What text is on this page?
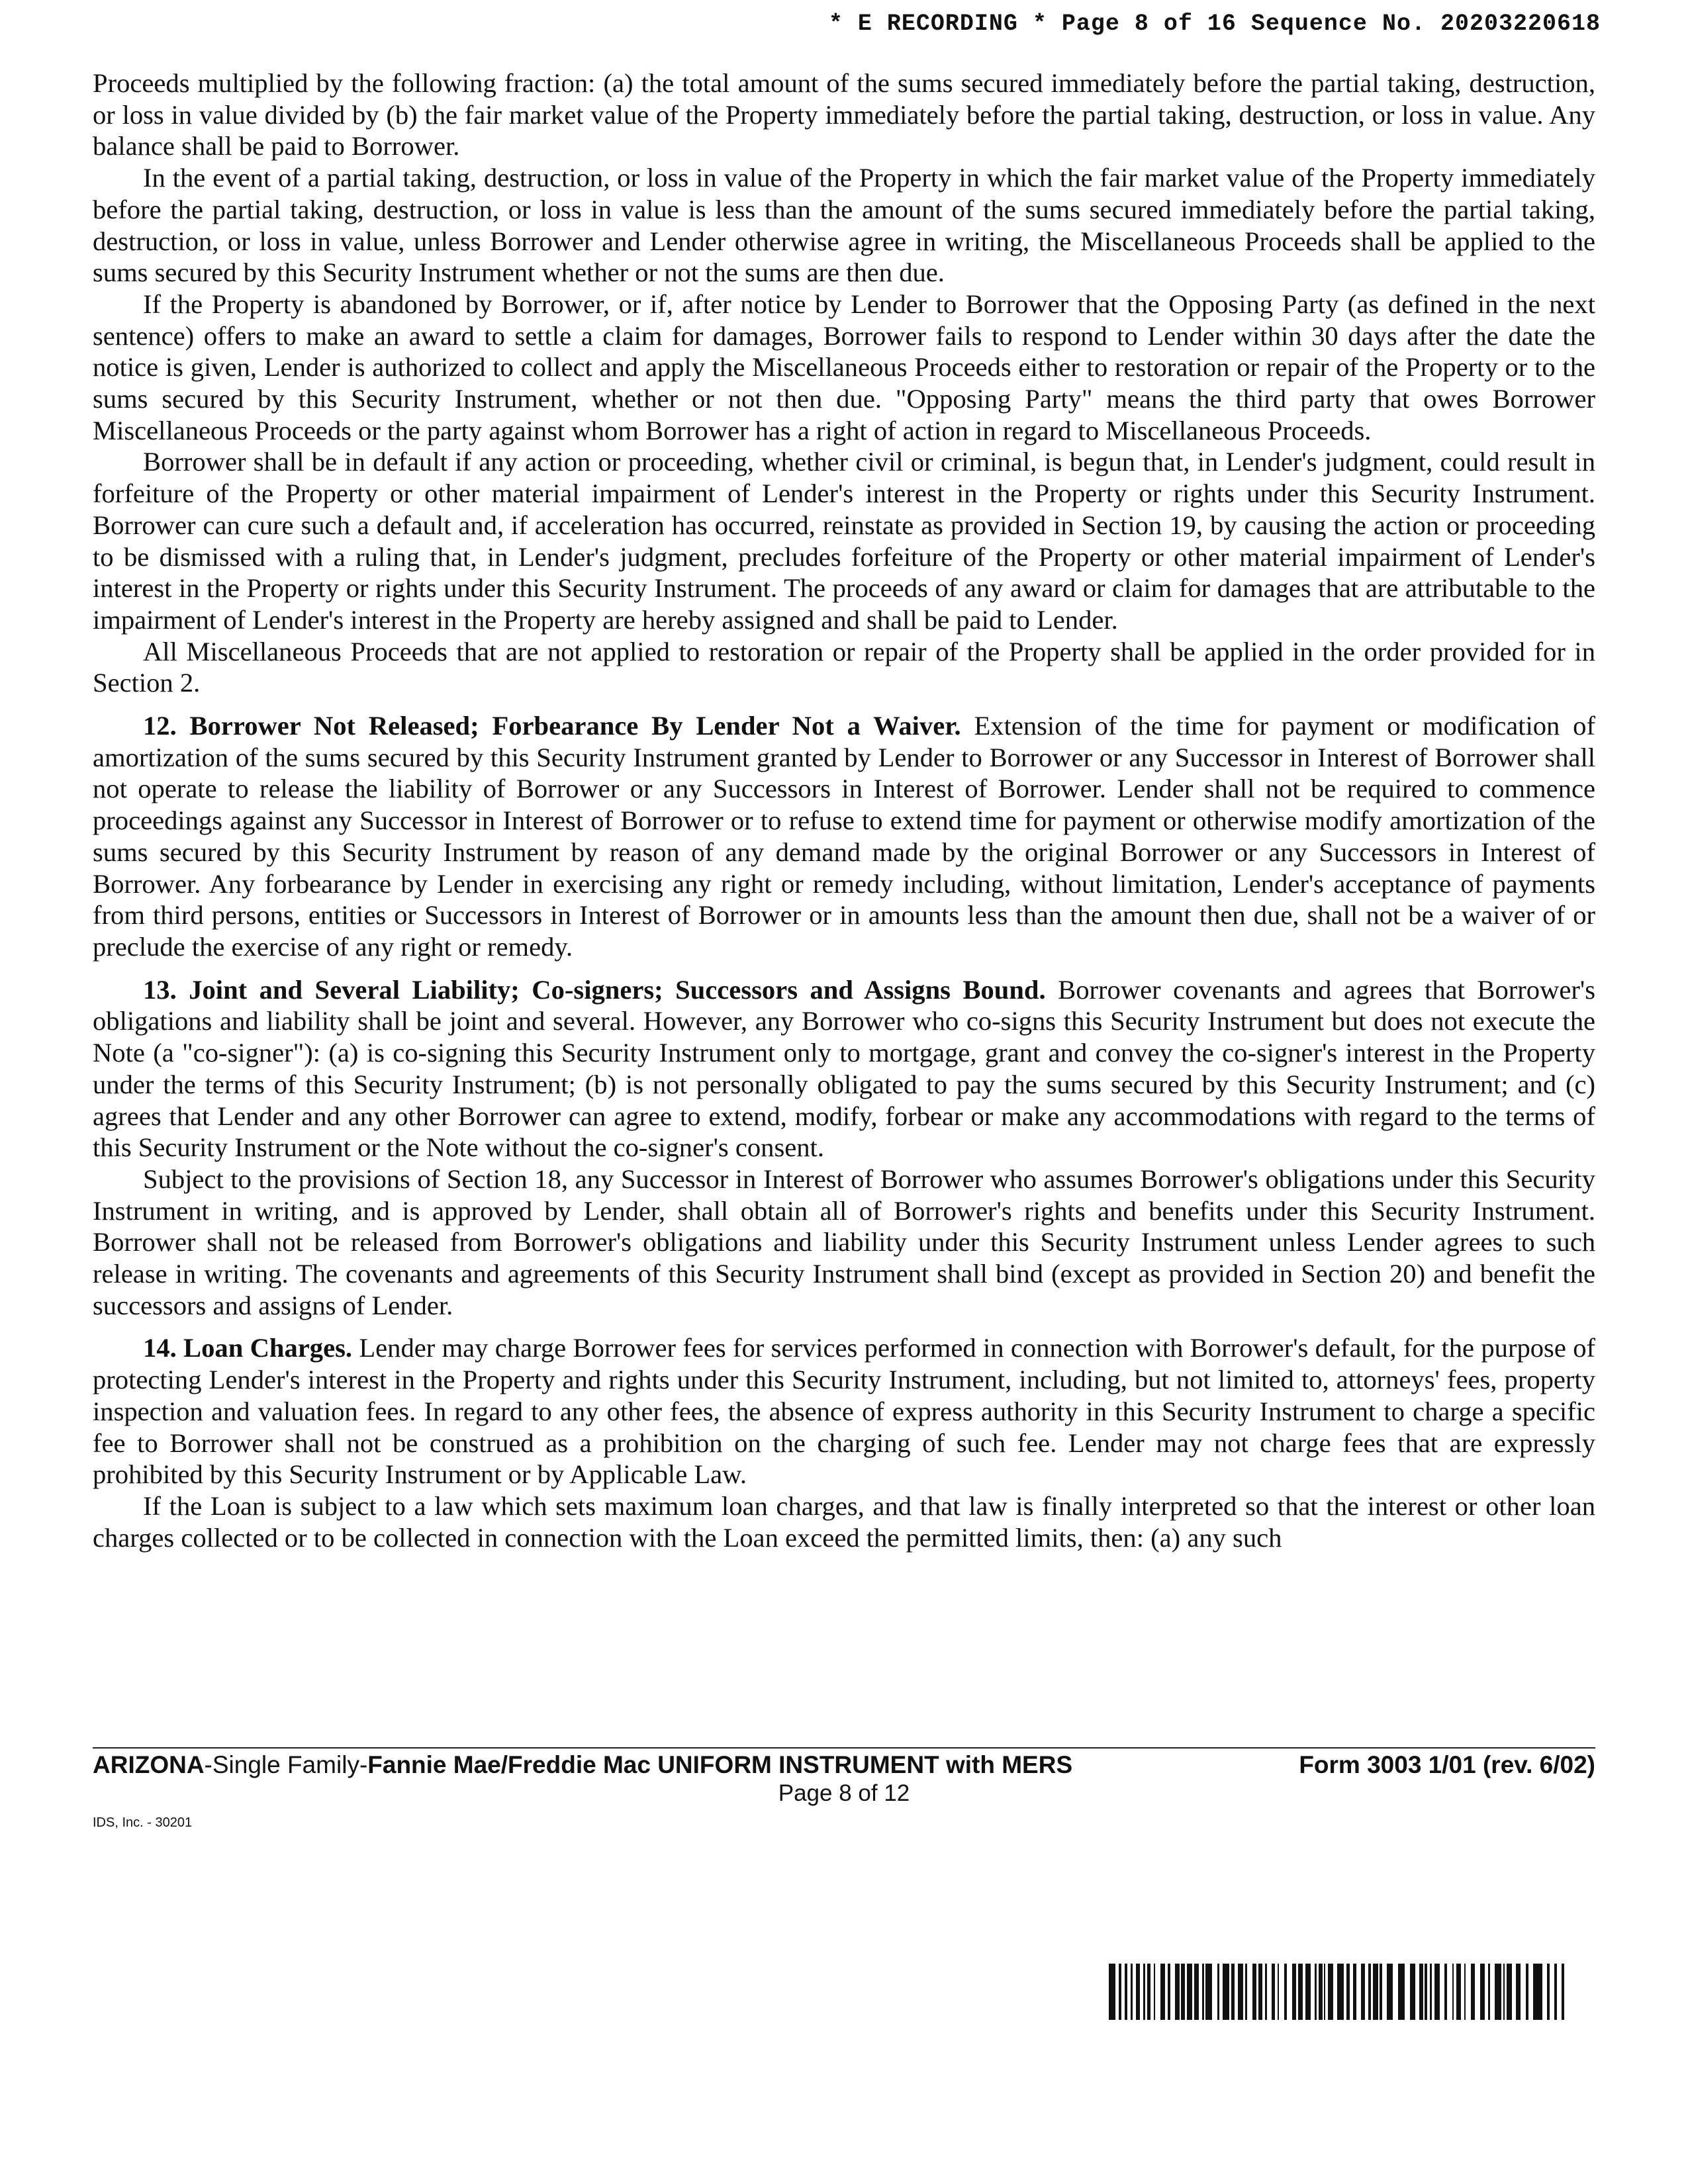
* E RECORDING * Page 8 of 16 Sequence No. 20203220618

Proceeds multiplied by the following fraction: (a) the total amount of the sums secured immediately before the partial taking, destruction, or loss in value divided by (b) the fair market value of the Property immediately before the partial taking, destruction, or loss in value. Any balance shall be paid to Borrower.

In the event of a partial taking, destruction, or loss in value of the Property in which the fair market value of the Property immediately before the partial taking, destruction, or loss in value is less than the amount of the sums secured immediately before the partial taking, destruction, or loss in value, unless Borrower and Lender otherwise agree in writing, the Miscellaneous Proceeds shall be applied to the sums secured by this Security Instrument whether or not the sums are then due.

If the Property is abandoned by Borrower, or if, after notice by Lender to Borrower that the Opposing Party (as defined in the next sentence) offers to make an award to settle a claim for damages, Borrower fails to respond to Lender within 30 days after the date the notice is given, Lender is authorized to collect and apply the Miscellaneous Proceeds either to restoration or repair of the Property or to the sums secured by this Security Instrument, whether or not then due. "Opposing Party" means the third party that owes Borrower Miscellaneous Proceeds or the party against whom Borrower has a right of action in regard to Miscellaneous Proceeds.

Borrower shall be in default if any action or proceeding, whether civil or criminal, is begun that, in Lender's judgment, could result in forfeiture of the Property or other material impairment of Lender's interest in the Property or rights under this Security Instrument. Borrower can cure such a default and, if acceleration has occurred, reinstate as provided in Section 19, by causing the action or proceeding to be dismissed with a ruling that, in Lender's judgment, precludes forfeiture of the Property or other material impairment of Lender's interest in the Property or rights under this Security Instrument. The proceeds of any award or claim for damages that are attributable to the impairment of Lender's interest in the Property are hereby assigned and shall be paid to Lender.

All Miscellaneous Proceeds that are not applied to restoration or repair of the Property shall be applied in the order provided for in Section 2.

12. Borrower Not Released; Forbearance By Lender Not a Waiver. Extension of the time for payment or modification of amortization of the sums secured by this Security Instrument granted by Lender to Borrower or any Successor in Interest of Borrower shall not operate to release the liability of Borrower or any Successors in Interest of Borrower. Lender shall not be required to commence proceedings against any Successor in Interest of Borrower or to refuse to extend time for payment or otherwise modify amortization of the sums secured by this Security Instrument by reason of any demand made by the original Borrower or any Successors in Interest of Borrower. Any forbearance by Lender in exercising any right or remedy including, without limitation, Lender's acceptance of payments from third persons, entities or Successors in Interest of Borrower or in amounts less than the amount then due, shall not be a waiver of or preclude the exercise of any right or remedy.

13. Joint and Several Liability; Co-signers; Successors and Assigns Bound. Borrower covenants and agrees that Borrower's obligations and liability shall be joint and several. However, any Borrower who co-signs this Security Instrument but does not execute the Note (a "co-signer"): (a) is co-signing this Security Instrument only to mortgage, grant and convey the co-signer's interest in the Property under the terms of this Security Instrument; (b) is not personally obligated to pay the sums secured by this Security Instrument; and (c) agrees that Lender and any other Borrower can agree to extend, modify, forbear or make any accommodations with regard to the terms of this Security Instrument or the Note without the co-signer's consent.

Subject to the provisions of Section 18, any Successor in Interest of Borrower who assumes Borrower's obligations under this Security Instrument in writing, and is approved by Lender, shall obtain all of Borrower's rights and benefits under this Security Instrument. Borrower shall not be released from Borrower's obligations and liability under this Security Instrument unless Lender agrees to such release in writing. The covenants and agreements of this Security Instrument shall bind (except as provided in Section 20) and benefit the successors and assigns of Lender.

14. Loan Charges. Lender may charge Borrower fees for services performed in connection with Borrower's default, for the purpose of protecting Lender's interest in the Property and rights under this Security Instrument, including, but not limited to, attorneys' fees, property inspection and valuation fees. In regard to any other fees, the absence of express authority in this Security Instrument to charge a specific fee to Borrower shall not be construed as a prohibition on the charging of such fee. Lender may not charge fees that are expressly prohibited by this Security Instrument or by Applicable Law.

If the Loan is subject to a law which sets maximum loan charges, and that law is finally interpreted so that the interest or other loan charges collected or to be collected in connection with the Loan exceed the permitted limits, then: (a) any such

ARIZONA-Single Family-Fannie Mae/Freddie Mac UNIFORM INSTRUMENT with MERS	Form 3003 1/01 (rev. 6/02)
Page 8 of 12
IDS, Inc. - 30201
